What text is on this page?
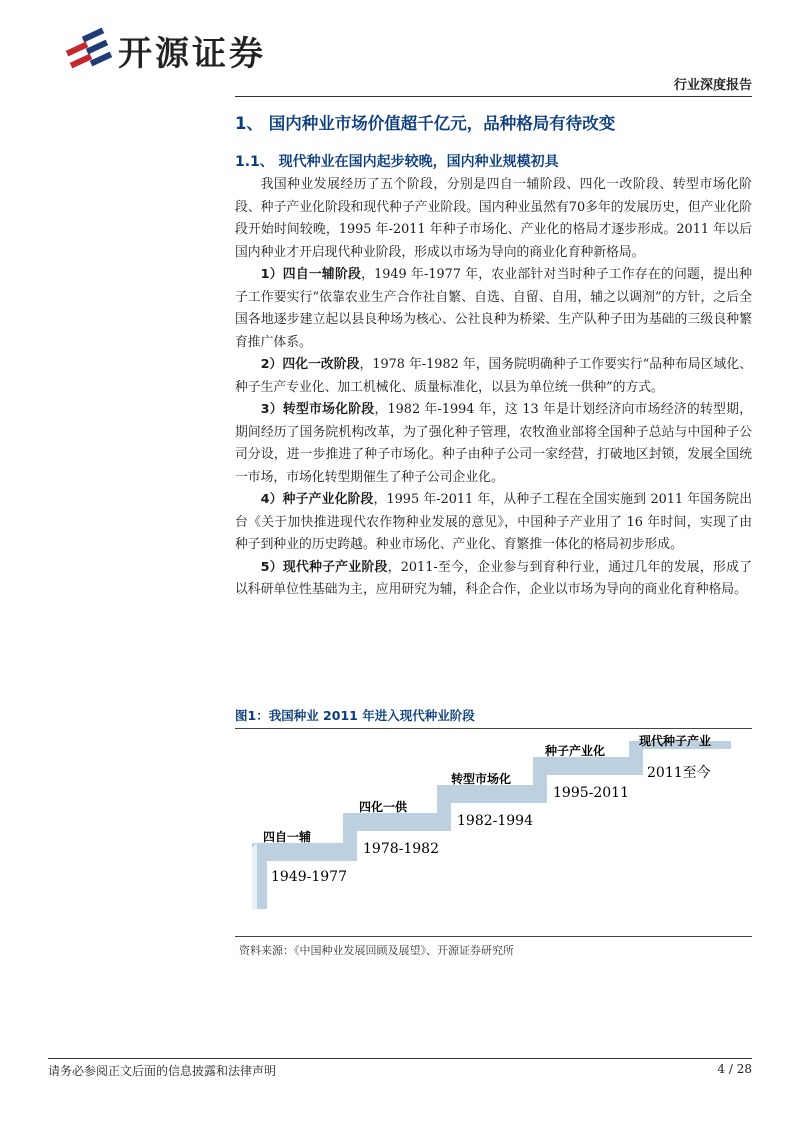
开源证券
行业深度报告
1、 国内种业市场价值超千亿元，品种格局有待改变
1.1、 现代种业在国内起步较晚，国内种业规模初具

我国种业发展经历了五个阶段，分别是四自一辅阶段、四化一改阶段、转型市场化阶段、种子产业化阶段和现代种子产业阶段。国内种业虽然有70多年的发展历史，但产业化阶段开始时间较晚，1995 年-2011 年种子市场化、产业化的格局才逐步形成。2011 年以后国内种业才开启现代种业阶段，形成以市场为导向的商业化育种新格局。

1）四自一辅阶段，1949 年-1977 年，农业部针对当时种子工作存在的问题，提出种子工作要实行“依靠农业生产合作社自繁、自选、自留、自用，辅之以调剂”的方针，之后全国各地逐步建立起以县良种场为核心、公社良种为桥梁、生产队种子田为基础的三级良种繁育推广体系。

2）四化一改阶段，1978 年-1982 年，国务院明确种子工作要实行“品种布局区域化、种子生产专业化、加工机械化、质量标准化，以县为单位统一供种”的方式。

3）转型市场化阶段，1982 年-1994 年，这 13 年是计划经济向市场经济的转型期，期间经历了国务院机构改革，为了强化种子管理，农牧渔业部将全国种子总站与中国种子公司分设，进一步推进了种子市场化。种子由种子公司一家经营，打破地区封锁，发展全国统一市场，市场化转型期催生了种子公司企业化。

4）种子产业化阶段，1995 年-2011 年，从种子工程在全国实施到 2011 年国务院出台《关于加快推进现代农作物种业发展的意见》，中国种子产业用了 16 年时间，实现了由种子到种业的历史跨越。种业市场化、产业化、育繁推一体化的格局初步形成。

5）现代种子产业阶段，2011-至今，企业参与到育种行业，通过几年的发展，形成了以科研单位性基础为主，应用研究为辅，科企合作，企业以市场为导向的商业化育种格局。

图1：我国种业 2011 年进入现代种业阶段
四自一辅
1949-1977
四化一供
1978-1982
转型市场化
1982-1994
种子产业化
1995-2011
现代种子产业
2011至今
资料来源：《中国种业发展回顾及展望》、开源证券研究所
请务必参阅正文后面的信息披露和法律声明	4 / 28
